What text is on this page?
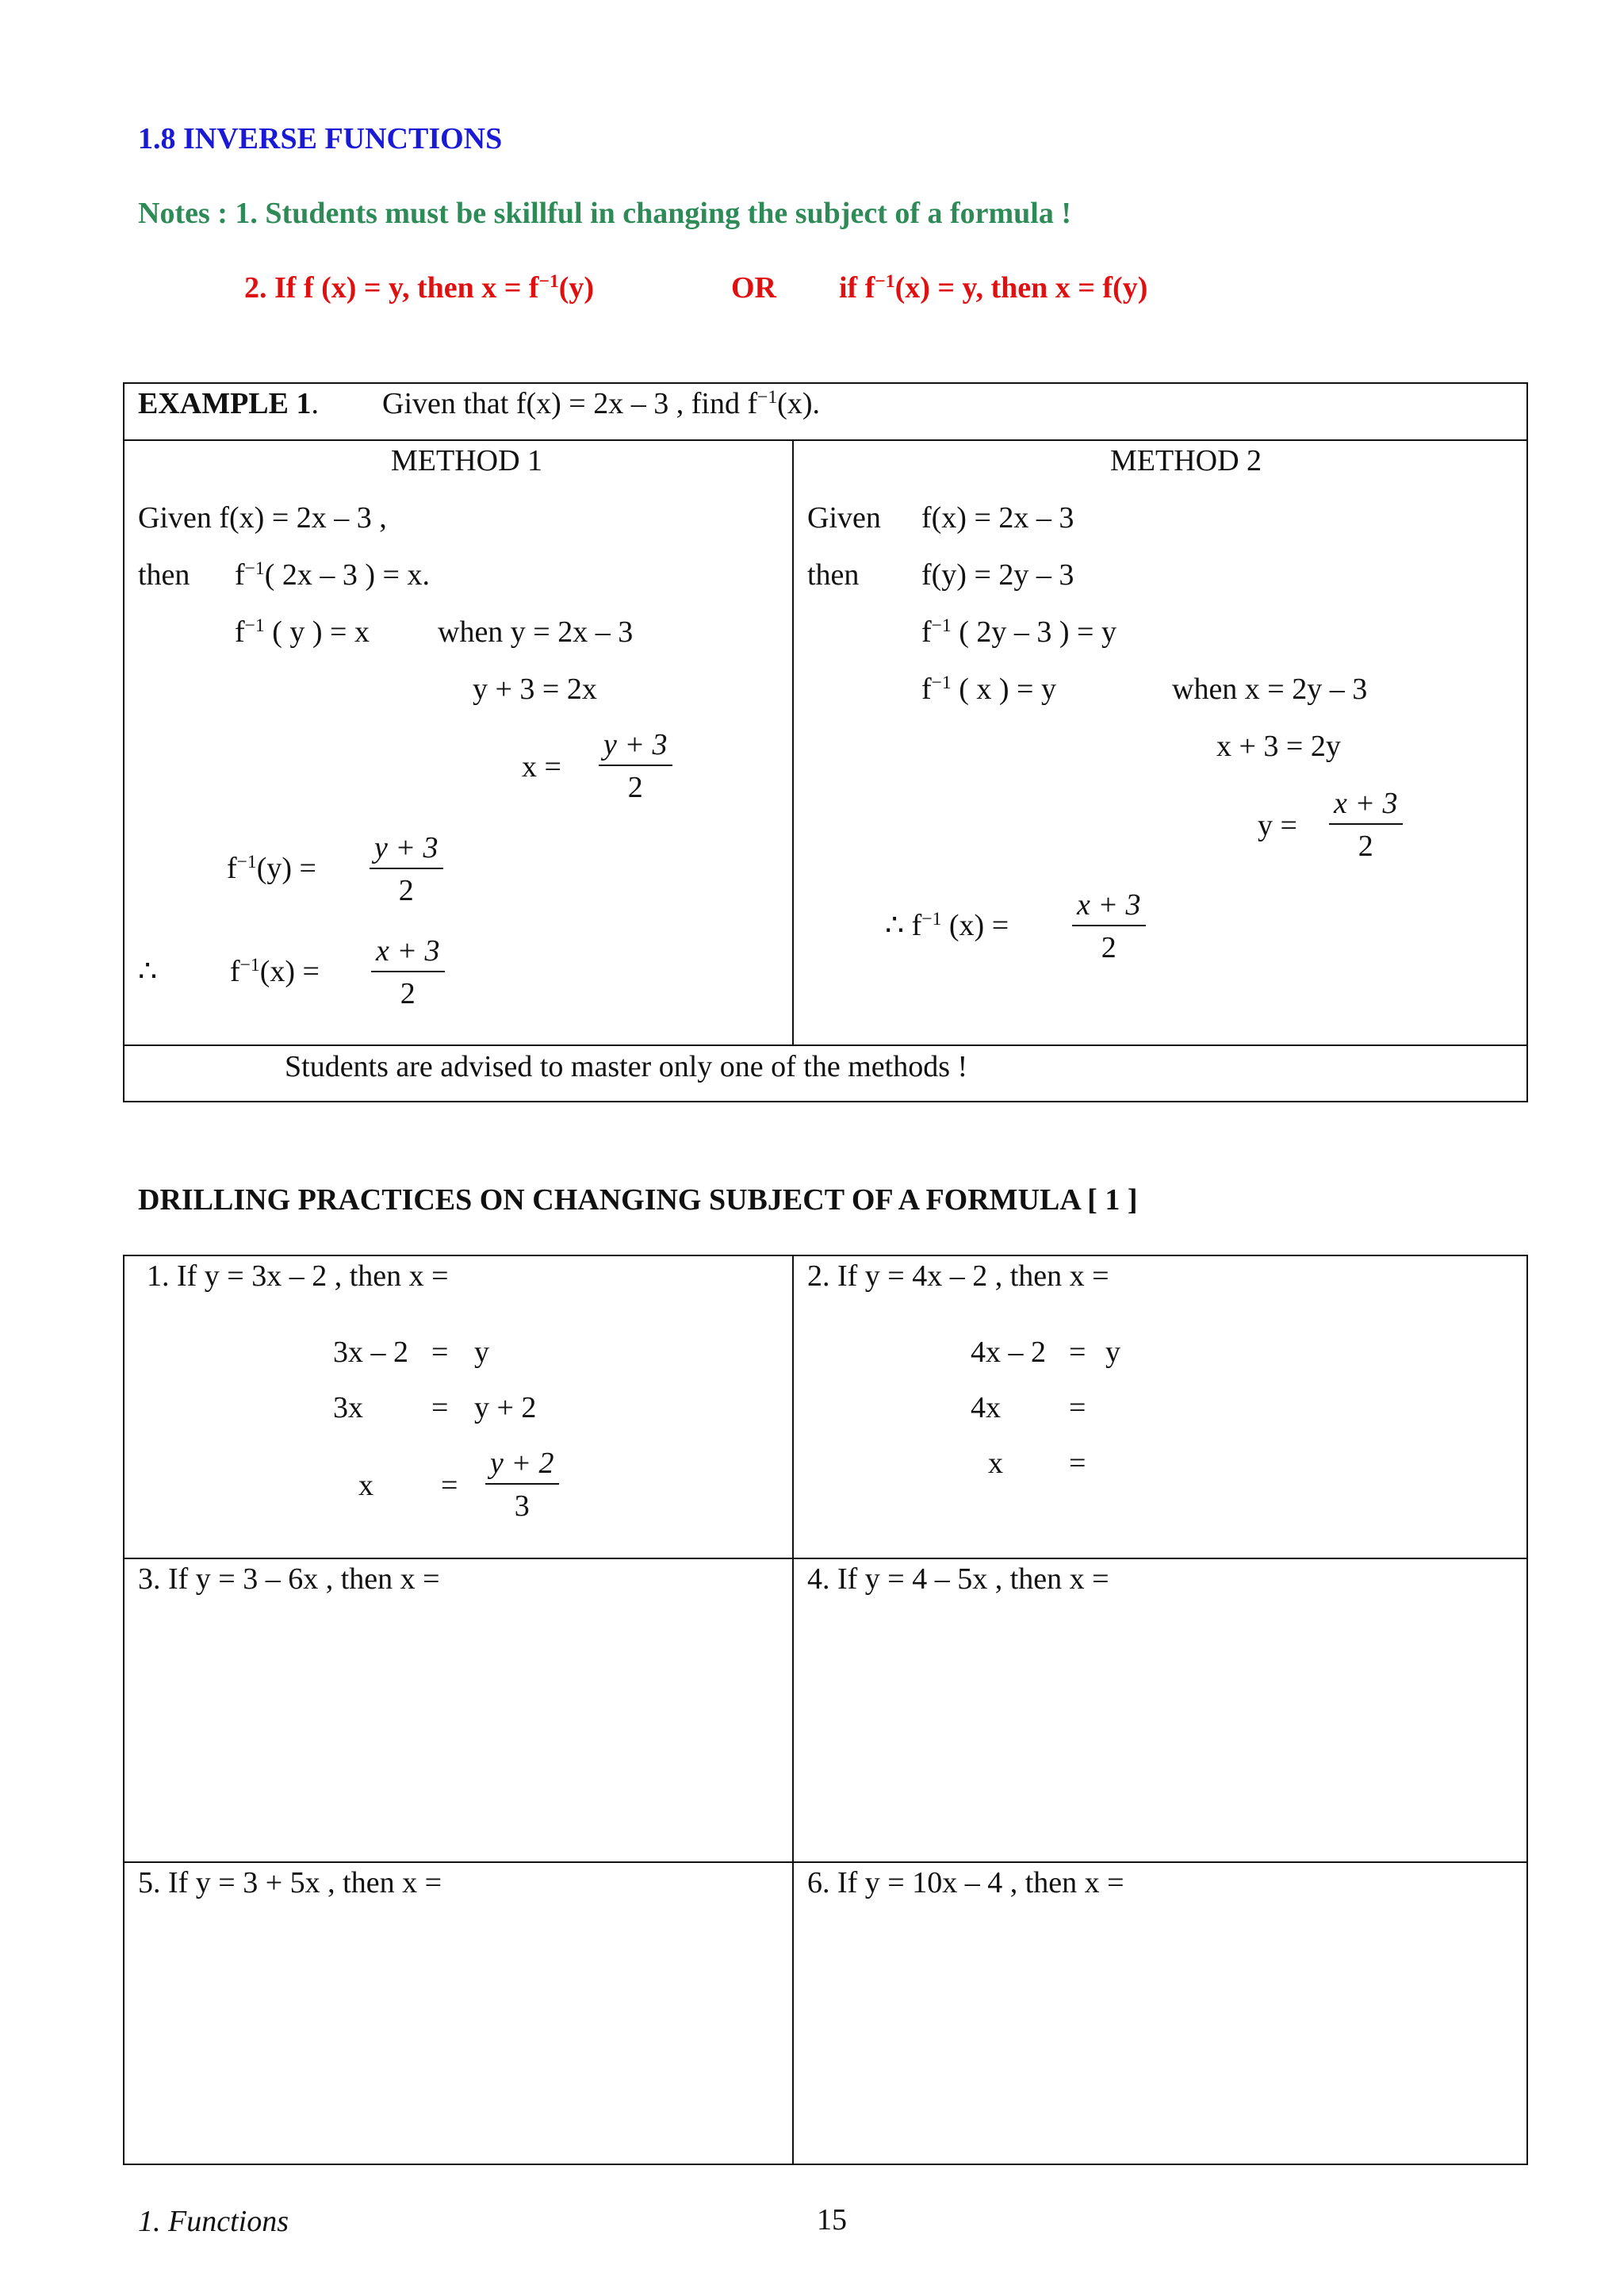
1.8 INVERSE FUNCTIONS
Notes : 1. Students must be skillful in changing the subject of a formula !
2. If f (x) = y, then $x = f^{-1}(y)$	OR if $f^{-1}(x) = y$, then x = f(y)
EXAMPLE 1. Given that f(x) = 2x – 3 , find $f^{-1}(x)$.
METHOD 1
Given f(x) = 2x – 3 ,
then $f^{-1}$( 2x – 3 ) = x.
$f^{-1}$ ( y ) = x when y = 2x – 3
y + 3 = 2x
$x = \frac{y + 3}{2}$
$f^{-1}(y) = \frac{y + 3}{2}$
∴ $f^{-1}(x) = \frac{x + 3}{2}$
METHOD 2
Given f(x) = 2x – 3
then f(y) = 2y – 3
$f^{-1}$ ( 2y – 3 ) = y
$f^{-1}$ ( x ) = y	when x = 2y – 3
x + 3 = 2y
$y = \frac{x + 3}{2}$
∴ $f^{-1}$ $(x) = \frac{x + 3}{2}$
Students are advised to master only one of the methods !
DRILLING PRACTICES ON CHANGING SUBJECT OF A FORMULA [ 1 ]
1. If y = 3x – 2 , then x =
3x – 2 = y
3x = y + 2
$x = \frac{y + 2}{3}$
2. If y = 4x – 2 , then x =
4x – 2 = y
4x =
x =
3. If y = 3 – 6x , then x =	4. If y = 4 – 5x , then x =
5. If y = 3 + 5x , then x =	6. If y = 10x – 4 , then x =
1. Functions	15
